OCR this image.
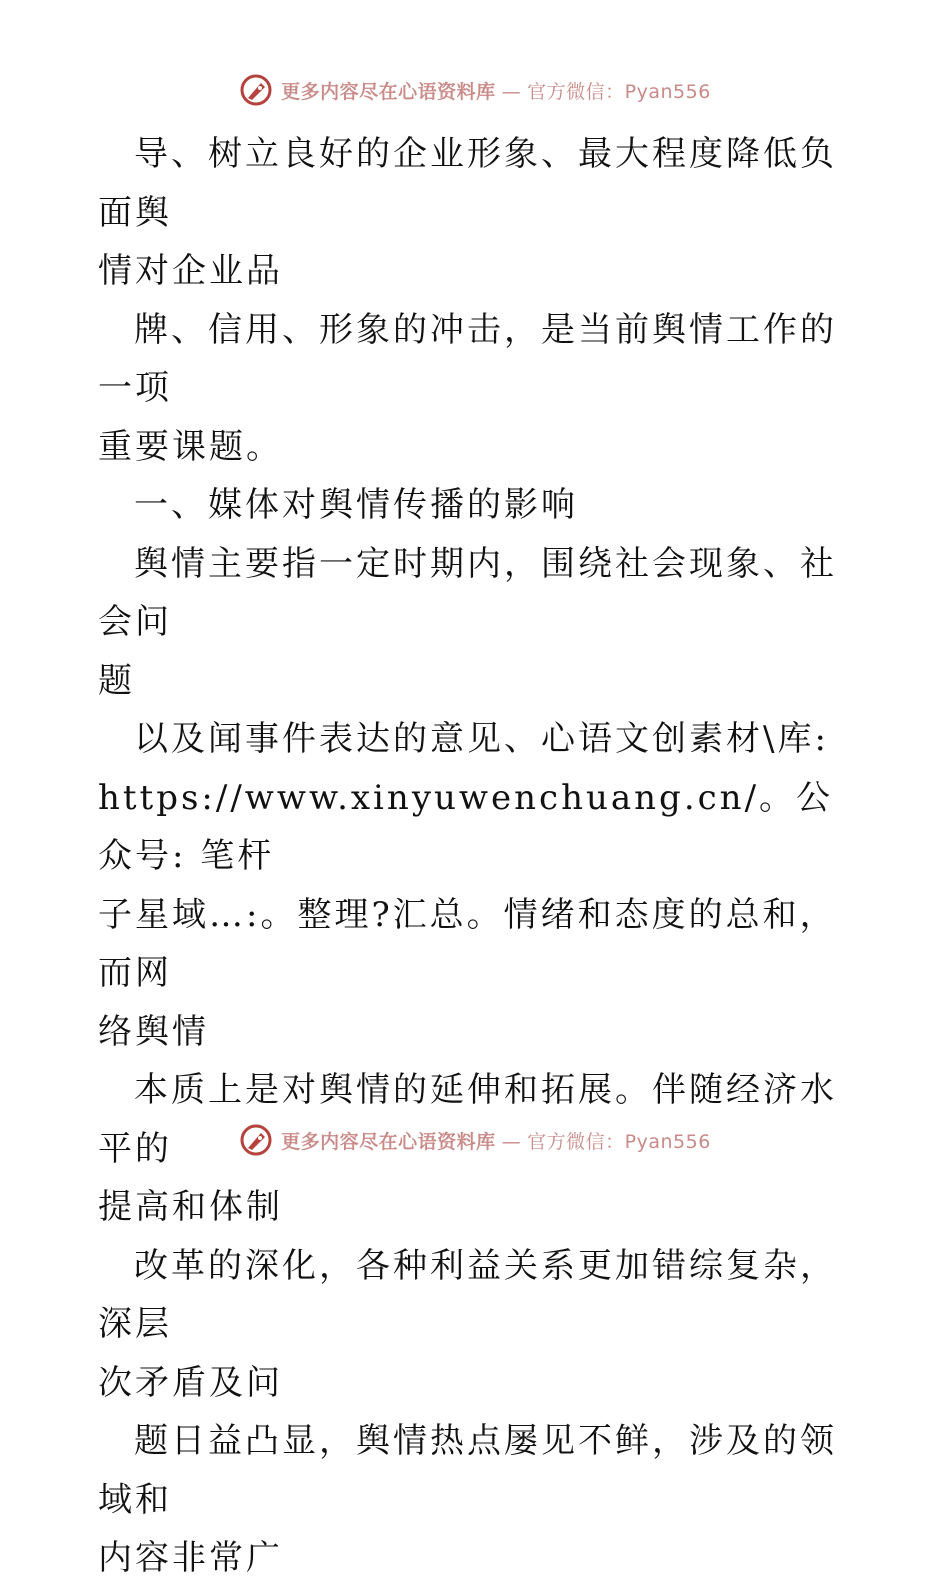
更多内容尽在心语资料库 — 官方微信：Pyan556

导、树立良好的企业形象、最大程度降低负面舆

情对企业品

牌、信用、形象的冲击，是当前舆情工作的一项

重要课题。

一、媒体对舆情传播的影响

舆情主要指一定时期内，围绕社会现象、社会问

题

以及闻事件表达的意见、心语文创素材\库:

https://www.xinyuwenchuang.cn/。公众号: 笔杆

子星域…:。整理?汇总。情绪和态度的总和，而网

络舆情

本质上是对舆情的延伸和拓展。伴随经济水平的

提高和体制

改革的深化，各种利益关系更加错综复杂，深层

次矛盾及问

题日益凸显，舆情热点屡见不鲜，涉及的领域和

内容非常广

更多内容尽在心语资料库 — 官方微信：Pyan556
